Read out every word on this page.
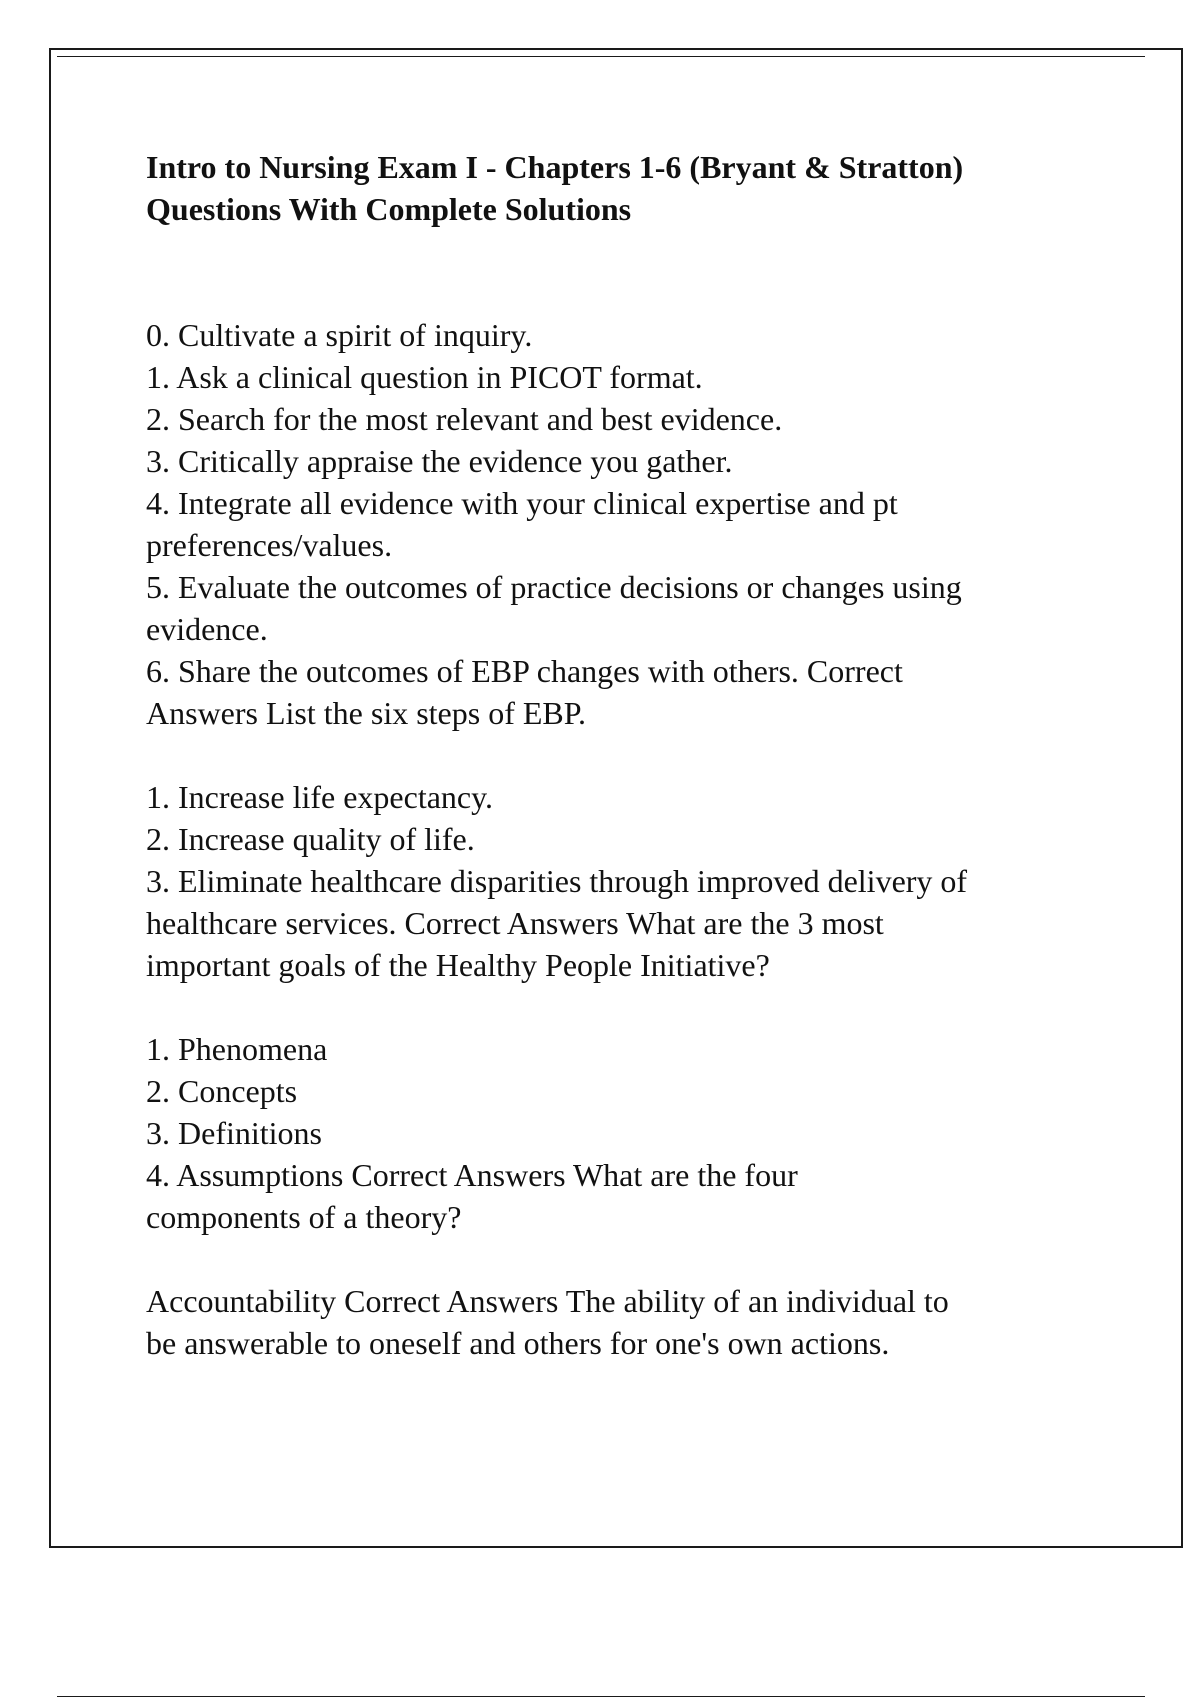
Intro to Nursing Exam I - Chapters 1-6 (Bryant & Stratton)
Questions With Complete Solutions
0. Cultivate a spirit of inquiry.
1. Ask a clinical question in PICOT format.
2. Search for the most relevant and best evidence.
3. Critically appraise the evidence you gather.
4. Integrate all evidence with your clinical expertise and pt
preferences/values.
5. Evaluate the outcomes of practice decisions or changes using
evidence.
6. Share the outcomes of EBP changes with others. Correct
Answers List the six steps of EBP.
1. Increase life expectancy.
2. Increase quality of life.
3. Eliminate healthcare disparities through improved delivery of
healthcare services. Correct Answers What are the 3 most
important goals of the Healthy People Initiative?
1. Phenomena
2. Concepts
3. Definitions
4. Assumptions Correct Answers What are the four
components of a theory?
Accountability Correct Answers The ability of an individual to
be answerable to oneself and others for one's own actions.
